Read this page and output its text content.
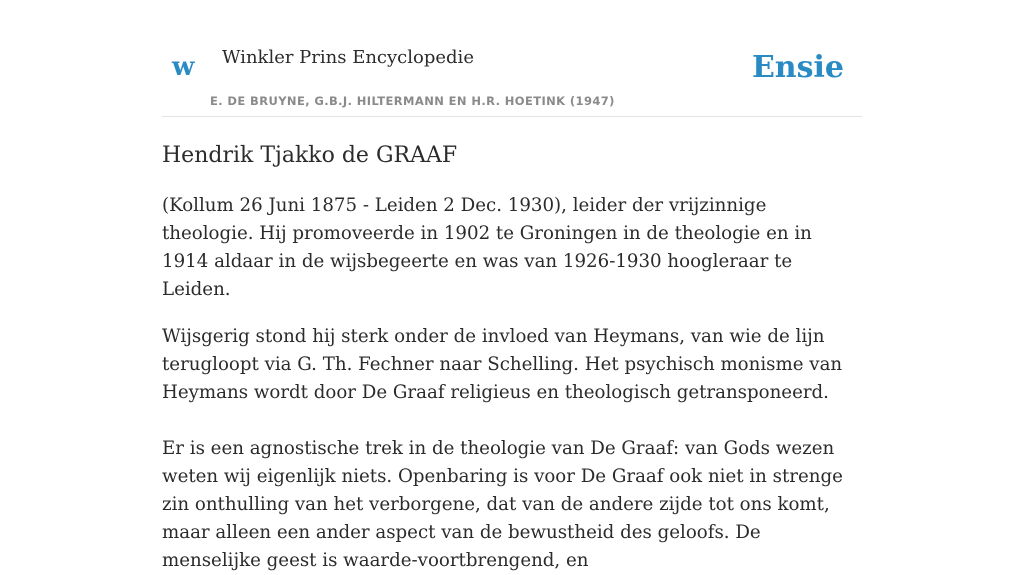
w Winkler Prins Encyclopedie
E. DE BRUYNE, G.B.J. HILTERMANN EN H.R. HOETINK (1947)
Ensie
Hendrik Tjakko de GRAAF

(Kollum 26 Juni 1875 - Leiden 2 Dec. 1930), leider der vrijzinnige theologie. Hij promoveerde in 1902 te Groningen in de theologie en in 1914 aldaar in de wijsbegeerte en was van 1926-1930 hoogleraar te Leiden.

Wijsgerig stond hij sterk onder de invloed van Heymans, van wie de lijn terugloopt via G. Th. Fechner naar Schelling. Het psychisch monisme van Heymans wordt door De Graaf religieus en theologisch getransponeerd.

Er is een agnostische trek in de theologie van De Graaf: van Gods wezen weten wij eigenlijk niets. Openbaring is voor De Graaf ook niet in strenge zin onthulling van het verborgene, dat van de andere zijde tot ons komt, maar alleen een ander aspect van de bewustheid des geloofs. De menselijke geest is waarde-voortbrengend, en
